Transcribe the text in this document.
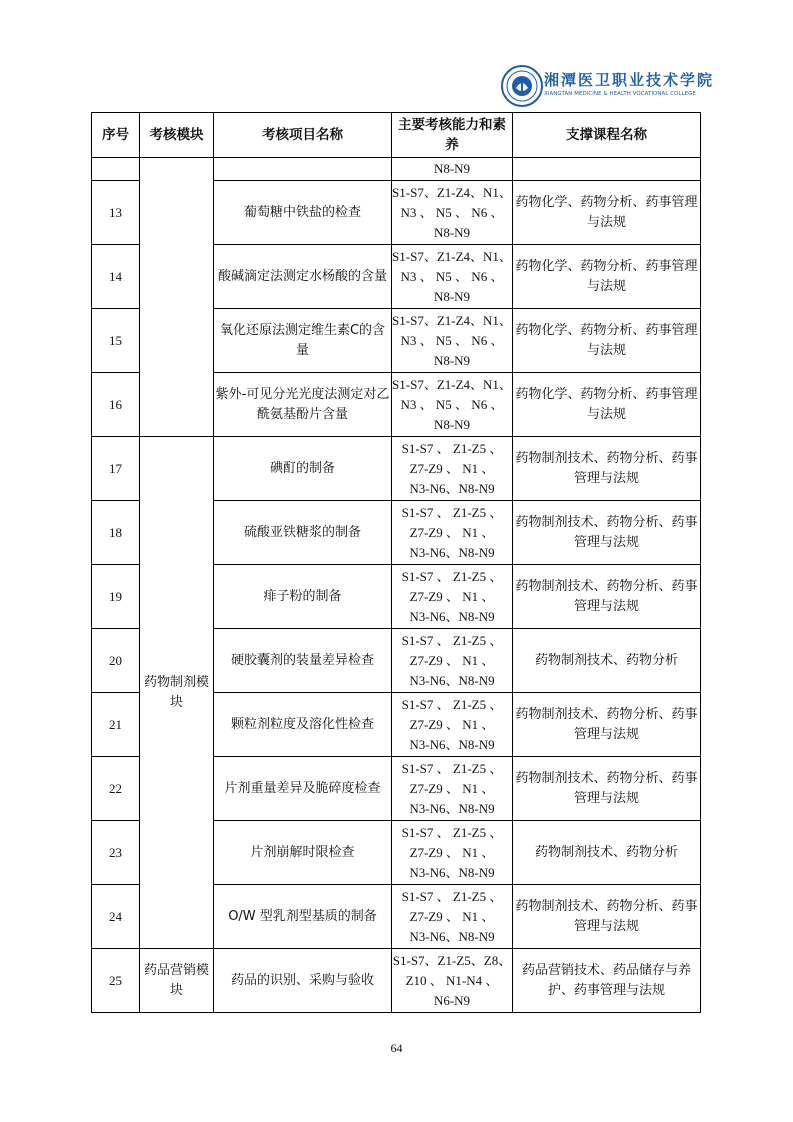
湘潭医卫职业技术学院
XIANGTAN MEDICINE & HEALTH VOCATIONAL COLLEGE
序号	考核模块	考核项目名称	主要考核能力和素养	支撑课程名称
			N8-N9	
13		葡萄糖中铁盐的检查	S1-S7、Z1-Z4、N1、
N3 、 N5 、 N6 、
N8-N9	药物化学、药物分析、药事管理与法规
14		酸碱滴定法测定水杨酸的含量	S1-S7、Z1-Z4、N1、
N3 、 N5 、 N6 、
N8-N9	药物化学、药物分析、药事管理与法规
15		氧化还原法测定维生素C的含量	S1-S7、Z1-Z4、N1、
N3 、 N5 、 N6 、
N8-N9	药物化学、药物分析、药事管理与法规
16		紫外-可见分光光度法测定对乙酰氨基酚片含量	S1-S7、Z1-Z4、N1、
N3 、 N5 、 N6 、
N8-N9	药物化学、药物分析、药事管理与法规
17	药物制剂模块	碘酊的制备	S1-S7 、 Z1-Z5 、
Z7-Z9 、 N1 、
N3-N6、N8-N9	药物制剂技术、药物分析、药事管理与法规
18		硫酸亚铁糖浆的制备	S1-S7 、 Z1-Z5 、
Z7-Z9 、 N1 、
N3-N6、N8-N9	药物制剂技术、药物分析、药事管理与法规
19		痱子粉的制备	S1-S7 、 Z1-Z5 、
Z7-Z9 、 N1 、
N3-N6、N8-N9	药物制剂技术、药物分析、药事管理与法规
20		硬胶囊剂的装量差异检查	S1-S7 、 Z1-Z5 、
Z7-Z9 、 N1 、
N3-N6、N8-N9	药物制剂技术、药物分析
21		颗粒剂粒度及溶化性检查	S1-S7 、 Z1-Z5 、
Z7-Z9 、 N1 、
N3-N6、N8-N9	药物制剂技术、药物分析、药事管理与法规
22		片剂重量差异及脆碎度检查	S1-S7 、 Z1-Z5 、
Z7-Z9 、 N1 、
N3-N6、N8-N9	药物制剂技术、药物分析、药事管理与法规
23		片剂崩解时限检查	S1-S7 、 Z1-Z5 、
Z7-Z9 、 N1 、
N3-N6、N8-N9	药物制剂技术、药物分析
24		O/W 型乳剂型基质的制备	S1-S7 、 Z1-Z5 、
Z7-Z9 、 N1 、
N3-N6、N8-N9	药物制剂技术、药物分析、药事管理与法规
25	药品营销模块	药品的识别、采购与验收	S1-S7、Z1-Z5、Z8、
Z10 、 N1-N4 、
N6-N9	药品营销技术、药品储存与养护、药事管理与法规
64
